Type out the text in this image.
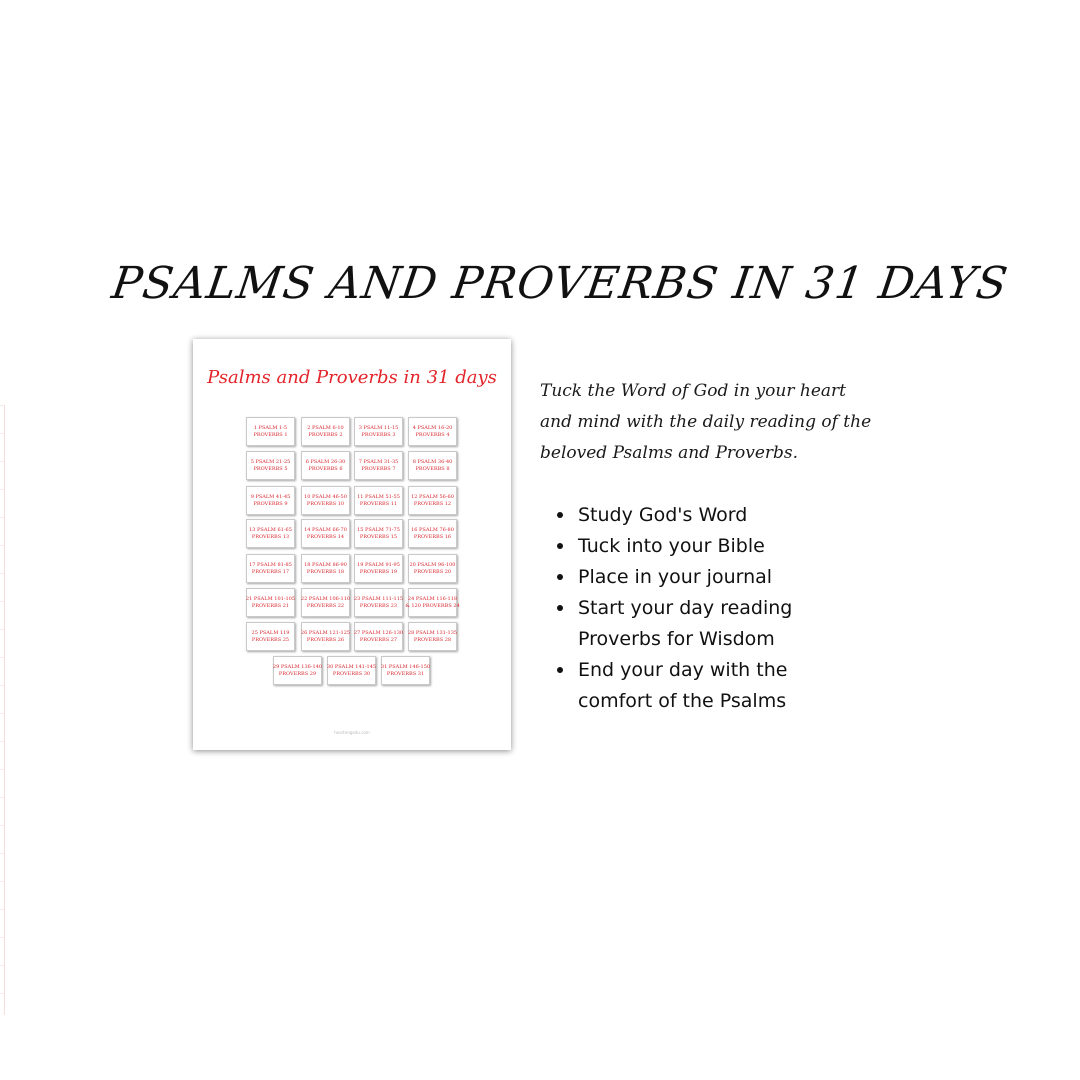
PSALMS AND PROVERBS IN 31 DAYS
Psalms and Proverbs in 31 days
1 PSALM 1-5
PROVERBS 1
2 PSALM 6-10
PROVERBS 2
3 PSALM 11-15
PROVERBS 3
4 PSALM 16-20
PROVERBS 4
5 PSALM 21-25
PROVERBS 5
6 PSALM 26-30
PROVERBS 6
7 PSALM 31-35
PROVERBS 7
8 PSALM 36-40
PROVERBS 8
9 PSALM 41-45
PROVERBS 9
10 PSALM 46-50
PROVERBS 10
11 PSALM 51-55
PROVERBS 11
12 PSALM 56-60
PROVERBS 12
13 PSALM 61-65
PROVERBS 13
14 PSALM 66-70
PROVERBS 14
15 PSALM 71-75
PROVERBS 15
16 PSALM 76-80
PROVERBS 16
17 PSALM 81-85
PROVERBS 17
18 PSALM 86-90
PROVERBS 18
19 PSALM 91-95
PROVERBS 19
20 PSALM 96-100
PROVERBS 20
21 PSALM 101-105
PROVERBS 21
22 PSALM 106-110
PROVERBS 22
23 PSALM 111-115
PROVERBS 23
24 PSALM 116-118
& 120 PROVERBS 24
25 PSALM 119
PROVERBS 25
26 PSALM 121-125
PROVERBS 26
27 PSALM 126-130
PROVERBS 27
28 PSALM 131-135
PROVERBS 28
29 PSALM 136-140
PROVERBS 29
30 PSALM 141-145
PROVERBS 30
31 PSALM 146-150
PROVERBS 31
heartengedu.com
Tuck the Word of God in your heart
and mind with the daily reading of the
beloved Psalms and Proverbs.
Study God's Word
Tuck into your Bible
Place in your journal
Start your day reading
Proverbs for Wisdom
End your day with the
comfort of the Psalms
